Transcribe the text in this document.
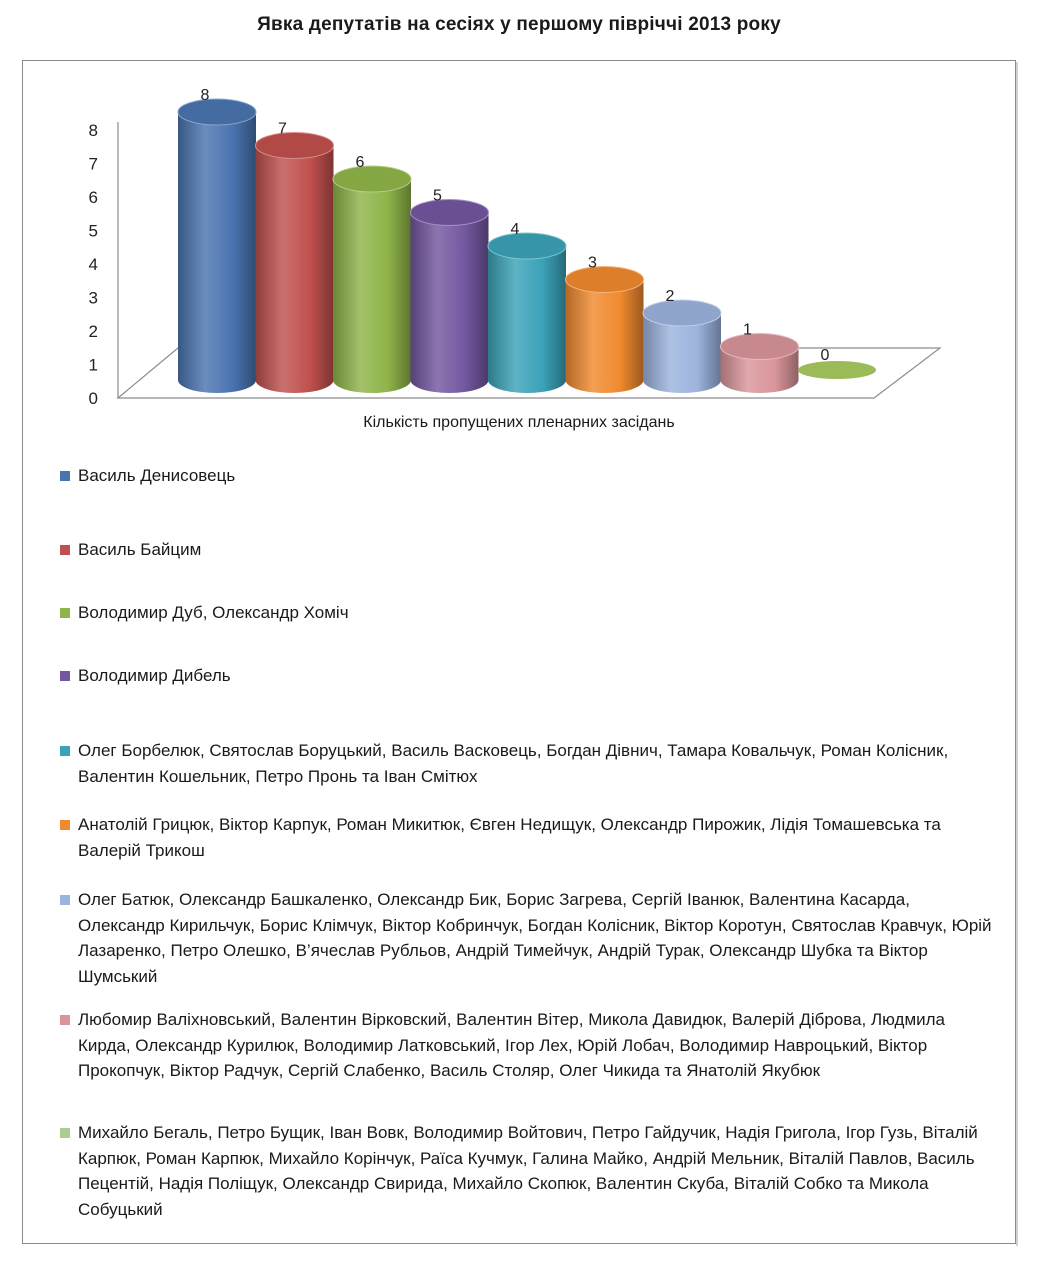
Явка депутатів на сесіях у першому півріччі 2013 року
0
1
2
3
4
5
6
7
8
8
7
6
5
4
3
2
1
0
Кількість пропущених пленарних засідань
Василь Денисовець
Василь Байцим
Володимир Дуб, Олександр Хоміч
Володимир Дибель
Олег Борбелюк, Святослав Боруцький, Василь Васковець, Богдан Дівнич, Тамара Ковальчук, Роман Колісник, Валентин Кошельник, Петро Пронь та Іван Смітюх
Анатолій Грицюк, Віктор Карпук, Роман Микитюк, Євген Недищук, Олександр Пирожик, Лідія Томашевська та Валерій Трикош
Олег Батюк, Олександр Башкаленко, Олександр Бик, Борис Загрева, Сергій Іванюк, Валентина Касарда, Олександр Кирильчук, Борис Клімчук, Віктор Кобринчук, Богдан Колісник, Віктор Коротун, Святослав Кравчук, Юрій Лазаренко, Петро Олешко, В’ячеслав Рубльов, Андрій Тимейчук, Андрій Турак, Олександр Шубка та Віктор Шумський
Любомир Валіхновський, Валентин Вірковский, Валентин Вітер, Микола Давидюк, Валерій Діброва, Людмила Кирда, Олександр Курилюк, Володимир Латковський, Ігор Лех, Юрій Лобач, Володимир Навроцький, Віктор Прокопчук, Віктор Радчук, Сергій Слабенко, Василь Столяр, Олег Чикида та Янатолій Якубюк
Михайло Бегаль, Петро Бущик, Іван Вовк, Володимир Войтович, Петро Гайдучик, Надія Григола, Ігор Гузь, Віталій Карпюк, Роман Карпюк, Михайло Корінчук, Раїса Кучмук, Галина Майко, Андрій Мельник, Віталій Павлов, Василь Пецентій, Надія Поліщук, Олександр Свирида, Михайло Скопюк, Валентин Скуба, Віталій Собко та Микола Собуцький
